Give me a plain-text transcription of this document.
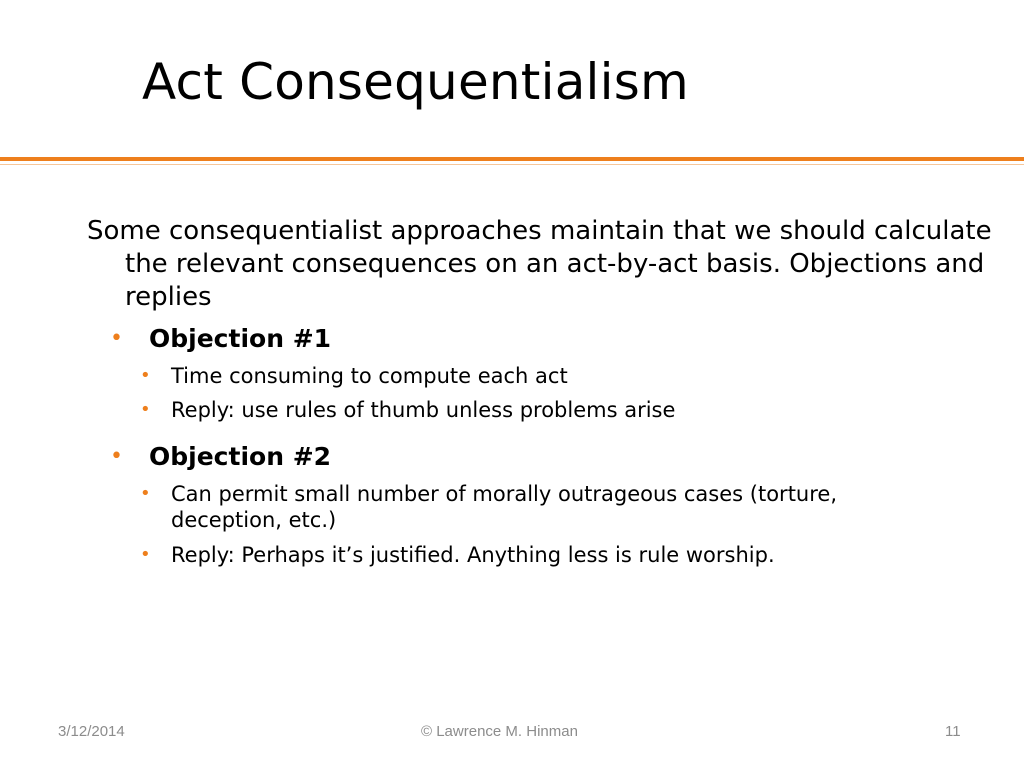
Act Consequentialism
Some consequentialist approaches maintain that we should calculate the relevant consequences on an act-by-act basis. Objections and replies
• Objection #1
• Time consuming to compute each act
• Reply: use rules of thumb unless problems arise
• Objection #2
• Can permit small number of morally outrageous cases (torture, deception, etc.)
• Reply: Perhaps it’s justified. Anything less is rule worship.
3/12/2014	© Lawrence M. Hinman	11
